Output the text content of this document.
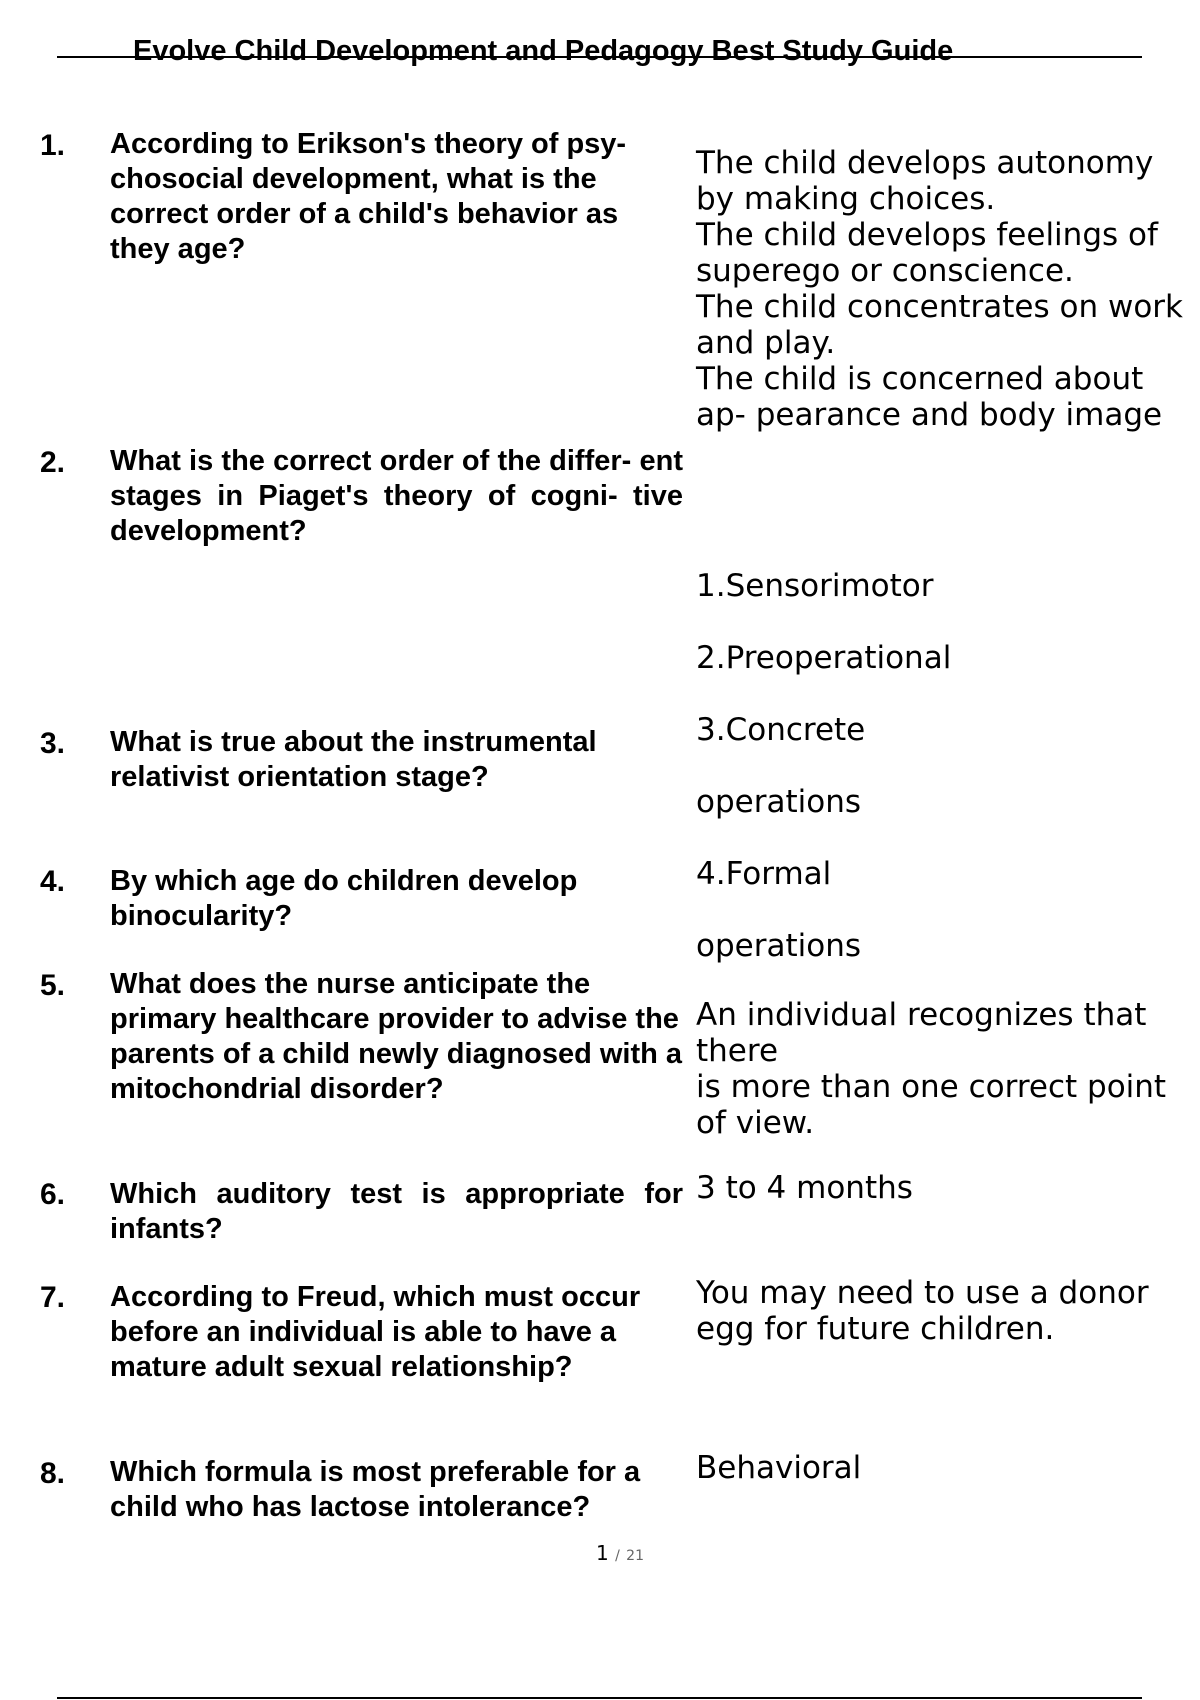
Evolve Child Development and Pedagogy Best Study Guide
1. According to Erikson's theory of psy- chosocial development, what is the correct order of a child's behavior as they age?

2. What is the correct order of the differ- ent stages in Piaget's theory of cogni- tive development?

3. What is true about the instrumental relativist orientation stage?

4. By which age do children develop binocularity?

5. What does the nurse anticipate the primary healthcare provider to advise the parents of a child newly diagnosed with a mitochondrial disorder?

6. Which auditory test is appropriate for infants?

7. According to Freud, which must occur before an individual is able to have a mature adult sexual relationship?

8. Which formula is most preferable for a child who has lactose intolerance?

The child develops autonomy by making choices.

The child develops feelings of superego or conscience.

The child concentrates on work and play.

The child is concerned about ap- pearance and body image

1.Sensorimotor
2.Preoperational
3.Concrete
operations
4.Formal
operations

An individual recognizes that there

is more than one correct point of view.

3 to 4 months
You may need to use a donor egg for future children.
Behavioral
1 / 21
